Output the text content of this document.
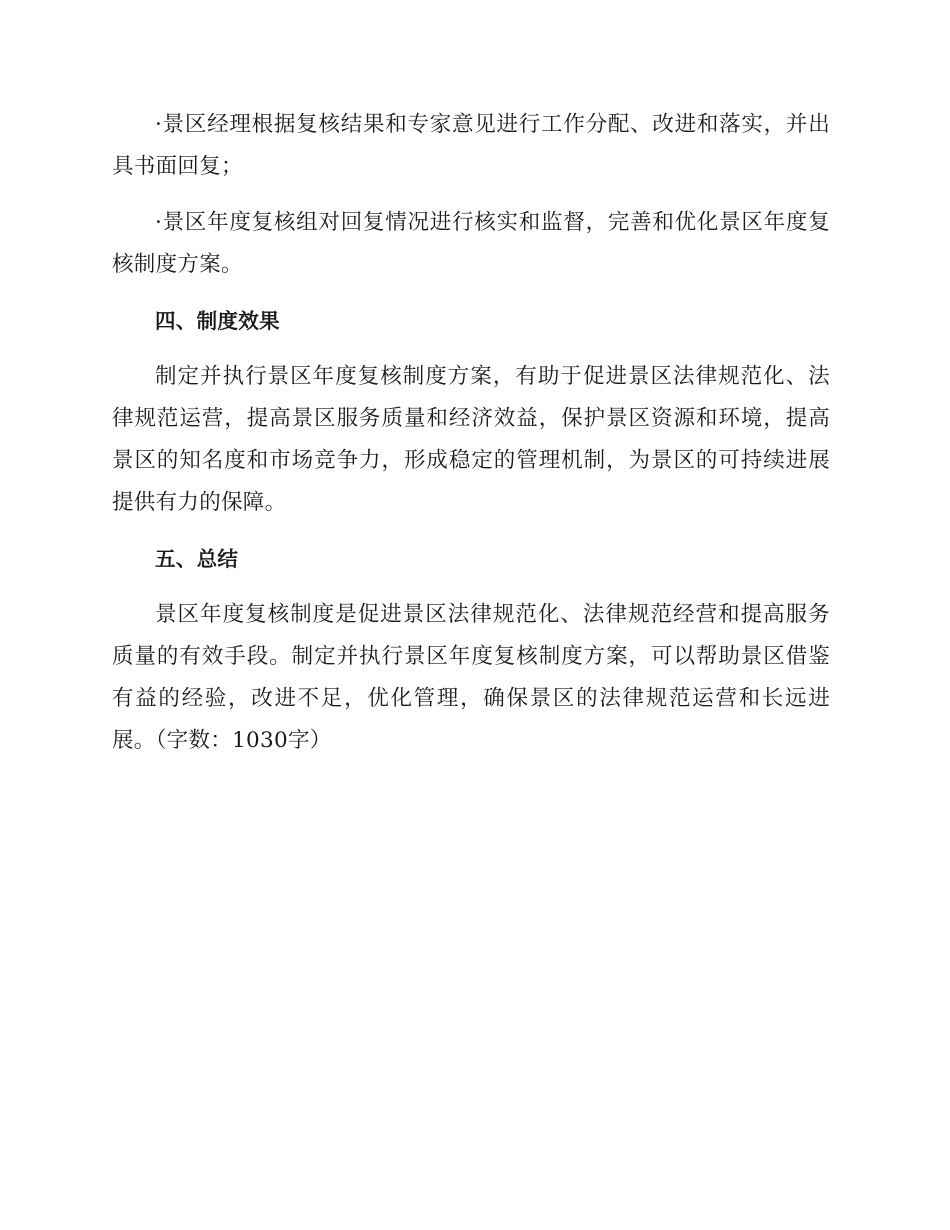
·景区经理根据复核结果和专家意见进行工作分配、改进和落实，并出具书面回复；

·景区年度复核组对回复情况进行核实和监督，完善和优化景区年度复核制度方案。

四、制度效果

制定并执行景区年度复核制度方案，有助于促进景区法律规范化、法律规范运营，提高景区服务质量和经济效益，保护景区资源和环境，提高景区的知名度和市场竞争力，形成稳定的管理机制，为景区的可持续进展提供有力的保障。

五、总结

景区年度复核制度是促进景区法律规范化、法律规范经营和提高服务质量的有效手段。制定并执行景区年度复核制度方案，可以帮助景区借鉴有益的经验，改进不足，优化管理，确保景区的法律规范运营和长远进展。（字数：1030字）
